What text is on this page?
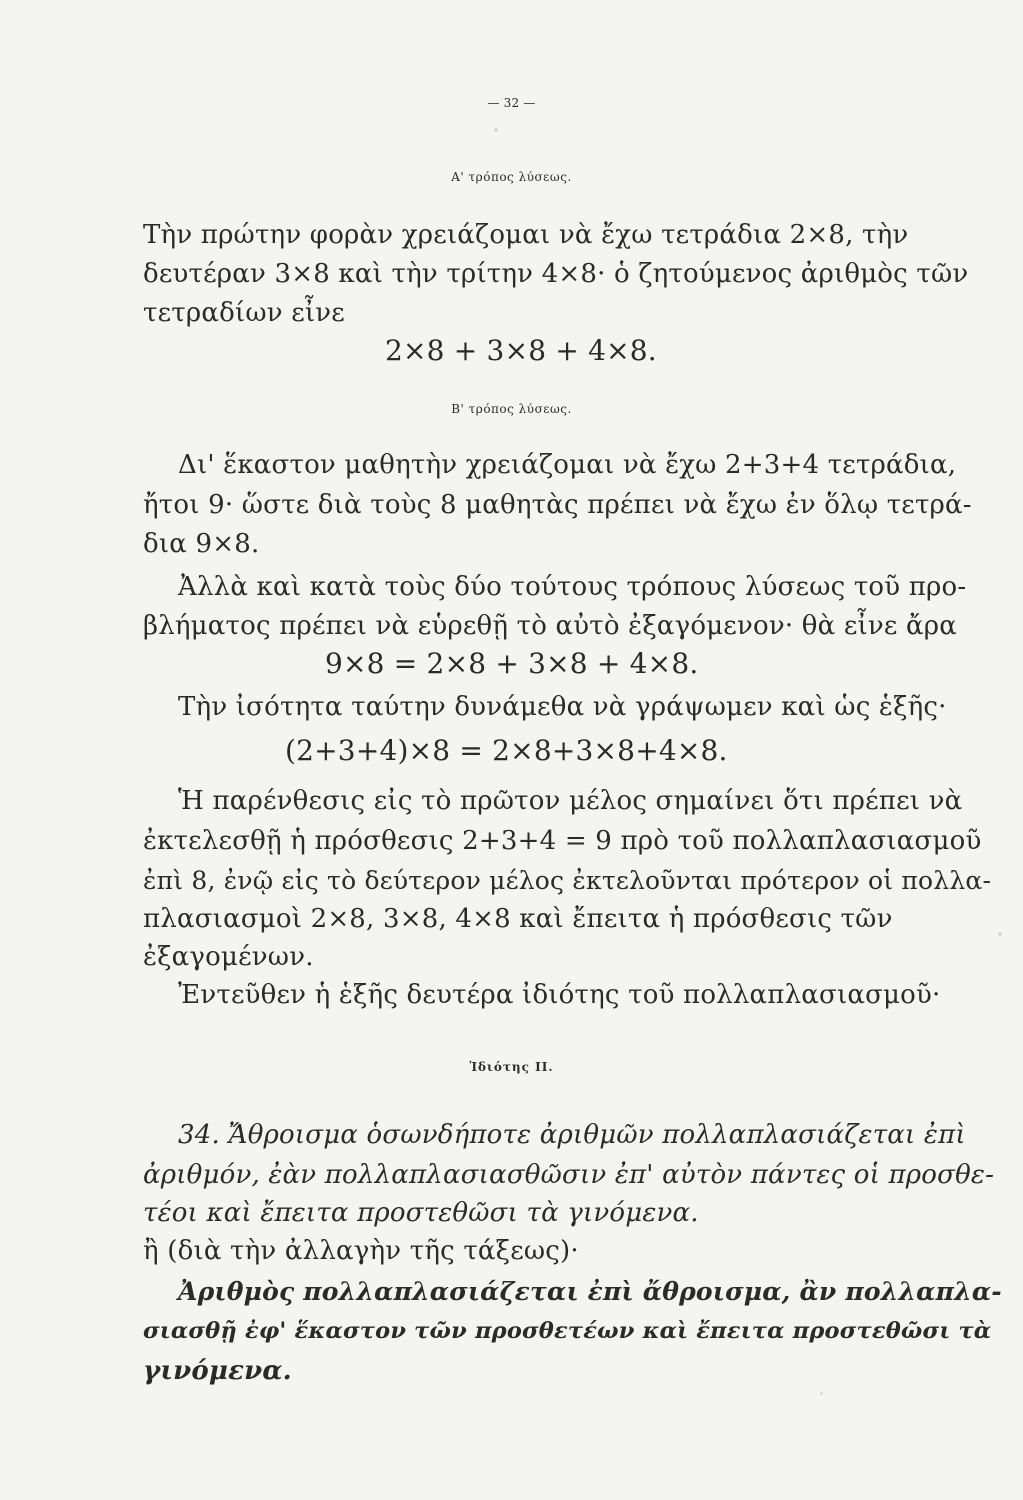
— 32 —
Α' τρόπος λύσεως.
Τὴν πρώτην φορὰν χρειάζομαι νὰ ἔχω τετράδια 2×8, τὴν
δευτέραν 3×8 καὶ τὴν τρίτην 4×8· ὁ ζητούμενος ἀριθμὸς τῶν
τετραδίων εἶνε
2×8 + 3×8 + 4×8.
Β' τρόπος λύσεως.
Δι' ἕκαστον μαθητὴν χρειάζομαι νὰ ἔχω 2+3+4 τετράδια,
ἤτοι 9· ὥστε διὰ τοὺς 8 μαθητὰς πρέπει νὰ ἔχω ἐν ὅλῳ τετρά-
δια 9×8.
Ἀλλὰ καὶ κατὰ τοὺς δύο τούτους τρόπους λύσεως τοῦ προ-
βλήματος πρέπει νὰ εὑρεθῇ τὸ αὐτὸ ἐξαγόμενον· θὰ εἶνε ἄρα
9×8 = 2×8 + 3×8 + 4×8.
Τὴν ἰσότητα ταύτην δυνάμεθα νὰ γράψωμεν καὶ ὡς ἑξῆς·
(2+3+4)×8 = 2×8+3×8+4×8.
Ἡ παρένθεσις εἰς τὸ πρῶτον μέλος σημαίνει ὅτι πρέπει νὰ
ἐκτελεσθῇ ἡ πρόσθεσις 2+3+4 = 9 πρὸ τοῦ πολλαπλασιασμοῦ
ἐπὶ 8, ἐνῷ εἰς τὸ δεύτερον μέλος ἐκτελοῦνται πρότερον οἱ πολλα-
πλασιασμοὶ 2×8, 3×8, 4×8 καὶ ἔπειτα ἡ πρόσθεσις τῶν
ἐξαγομένων.
Ἐντεῦθεν ἡ ἑξῆς δευτέρα ἰδιότης τοῦ πολλαπλασιασμοῦ·
Ἰδιότης ΙΙ.
34. Ἄθροισμα ὁσωνδήποτε ἀριθμῶν πολλαπλασιάζεται ἐπὶ
ἀριθμόν, ἐὰν πολλαπλασιασθῶσιν ἐπ' αὐτὸν πάντες οἱ προσθε-
τέοι καὶ ἔπειτα προστεθῶσι τὰ γινόμενα.
ἢ (διὰ τὴν ἀλλαγὴν τῆς τάξεως)·
Ἀριθμὸς πολλαπλασιάζεται ἐπὶ ἄθροισμα, ἂν πολλαπλα-
σιασθῇ ἐφ' ἕκαστον τῶν προσθετέων καὶ ἔπειτα προστεθῶσι τὰ
γινόμενα.
